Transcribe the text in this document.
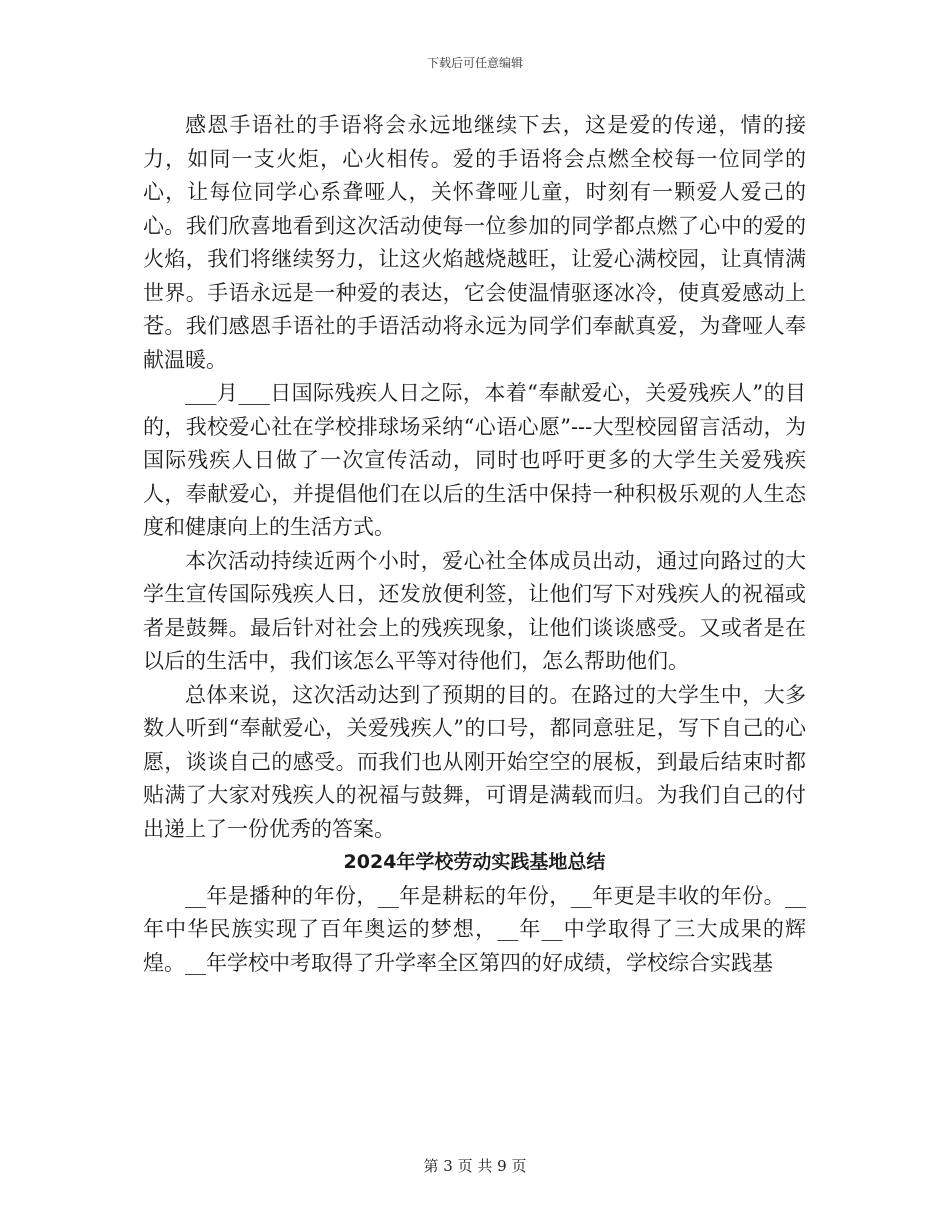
下载后可任意编辑

感恩手语社的手语将会永远地继续下去，这是爱的传递，情的接力，如同一支火炬，心火相传。爱的手语将会点燃全校每一位同学的心，让每位同学心系聋哑人，关怀聋哑儿童，时刻有一颗爱人爱己的心。我们欣喜地看到这次活动使每一位参加的同学都点燃了心中的爱的火焰，我们将继续努力，让这火焰越烧越旺，让爱心满校园，让真情满世界。手语永远是一种爱的表达，它会使温情驱逐冰冷，使真爱感动上苍。我们感恩手语社的手语活动将永远为同学们奉献真爱，为聋哑人奉献温暖。

___月___日国际残疾人日之际，本着“奉献爱心，关爱残疾人”的目的，我校爱心社在学校排球场采纳“心语心愿”---大型校园留言活动，为国际残疾人日做了一次宣传活动，同时也呼吁更多的大学生关爱残疾人，奉献爱心，并提倡他们在以后的生活中保持一种积极乐观的人生态度和健康向上的生活方式。

本次活动持续近两个小时，爱心社全体成员出动，通过向路过的大学生宣传国际残疾人日，还发放便利签，让他们写下对残疾人的祝福或者是鼓舞。最后针对社会上的残疾现象，让他们谈谈感受。又或者是在以后的生活中，我们该怎么平等对待他们，怎么帮助他们。

总体来说，这次活动达到了预期的目的。在路过的大学生中，大多数人听到“奉献爱心，关爱残疾人”的口号，都同意驻足，写下自己的心愿，谈谈自己的感受。而我们也从刚开始空空的展板，到最后结束时都贴满了大家对残疾人的祝福与鼓舞，可谓是满载而归。为我们自己的付出递上了一份优秀的答案。

2024年学校劳动实践基地总结

__年是播种的年份，__年是耕耘的年份，__年更是丰收的年份。__年中华民族实现了百年奥运的梦想，__年__中学取得了三大成果的辉煌。__年学校中考取得了升学率全区第四的好成绩，学校综合实践基

第 3 页 共 9 页
